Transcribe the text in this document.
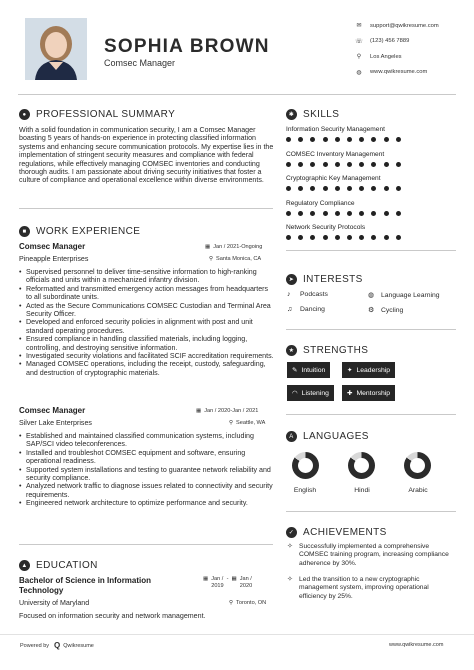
SOPHIA BROWN
Comsec Manager
✉ support@qwikresume.com
☏ (123) 456 7889
⚲	Los Angeles
◍ www.qwikresume.com
● PROFESSIONAL SUMMARY
With a solid foundation in communication security, I am a Comsec Manager boasting 5 years of hands-on experience in protecting classified information systems and enhancing secure communication protocols. My expertise lies in the implementation of stringent security measures and compliance with federal regulations, while effectively managing COMSEC inventories and conducting thorough audits. I am passionate about driving security initiatives that foster a culture of compliance and operational excellence within diverse environments.
■ WORK EXPERIENCE
Comsec Manager	▦ Jan / 2021-Ongoing
Pineapple Enterprises	⚲ Santa Monica, CA
• Supervised personnel to deliver time-sensitive information to high-ranking officials and units within a mechanized infantry division.
• Reformatted and transmitted emergency action messages from headquarters to all subordinate units.
• Acted as the Secure Communications COMSEC Custodian and Terminal Area Security Officer.
• Developed and enforced security policies in alignment with post and unit standard operating procedures.
• Ensured compliance in handling classified materials, including logging, controlling, and destroying sensitive information.
• Investigated security violations and facilitated SCIF accreditation requirements.
• Managed COMSEC operations, including the receipt, custody, safeguarding, and destruction of cryptographic materials.
Comsec Manager	▦ Jan / 2020-Jan / 2021
Silver Lake Enterprises	⚲ Seattle, WA
• Established and maintained classified communication systems, including SAP/SCI video teleconferences.
• Installed and troubleshot COMSEC equipment and software, ensuring operational readiness.
• Supported system installations and testing to guarantee network reliability and security compliance.
• Analyzed network traffic to diagnose issues related to connectivity and security requirements.
• Engineered network architecture to optimize performance and security.
▲ EDUCATION
Bachelor of Science in Information Technology
▦ Jan /
2019
- ▦ Jan /
2020
University of Maryland	⚲ Toronto, ON
Focused on information security and network management.
✱ SKILLS
Information Security Management
COMSEC Inventory Management
Cryptographic Key Management
Regulatory Compliance
Network Security Protocols
➤ INTERESTS
♪	Podcasts	◍	Language Learning
♫	Dancing	⚙ Cycling
★ STRENGTHS
✎ Intuition	✦ Leadership
◠ Listening	✚ Mentorship
A LANGUAGES
English	Hindi	Arabic
✓ ACHIEVEMENTS
✧ Successfully implemented a comprehensive COMSEC training program, increasing compliance adherence by 30%.
✧ Led the transition to a new cryptographic management system, improving operational efficiency by 25%.
Powered by Q Qwikresume	www.qwikresume.com
